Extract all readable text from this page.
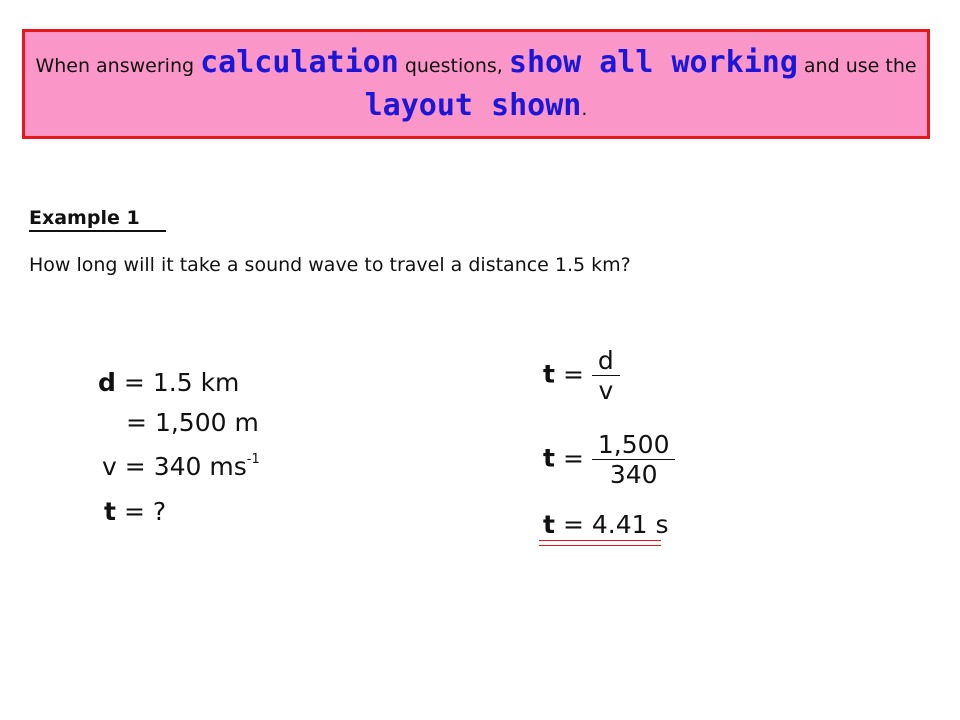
When answering calculation questions, show all working and use the layout shown.
Example 1
How long will it take a sound wave to travel a distance 1.5 km?
d = 1.5 km
= 1,500 m
v = 340 $ms^{-1}$
t = ?
$t = \frac{d}{v}$
$t = \frac{1,500}{340}$
t = 4.41 s
